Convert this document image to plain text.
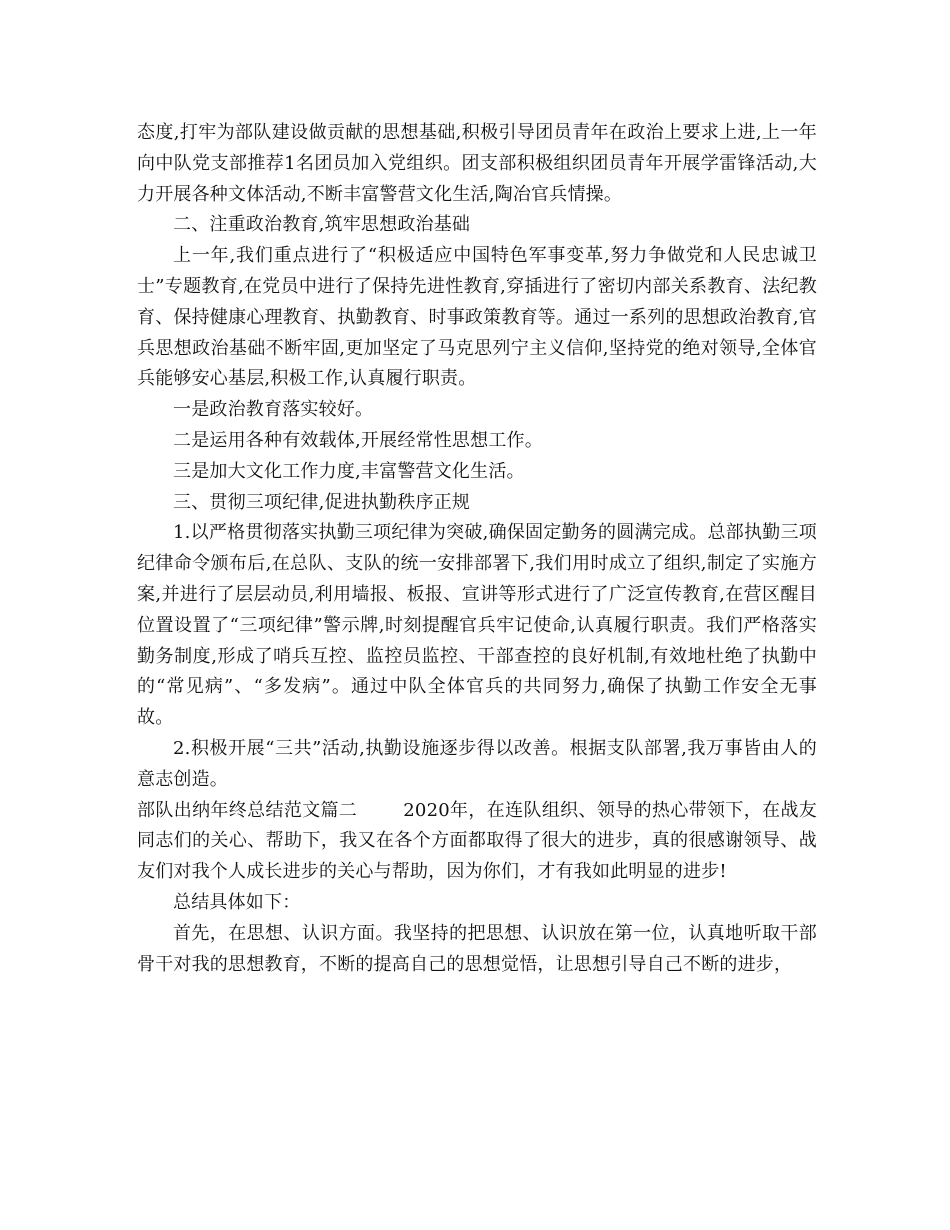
态度,打牢为部队建设做贡献的思想基础,积极引导团员青年在政治上要求上进,上一年向中队党支部推荐1名团员加入党组织。团支部积极组织团员青年开展学雷锋活动,大力开展各种文体活动,不断丰富警营文化生活,陶冶官兵情操。

二、注重政治教育,筑牢思想政治基础

上一年,我们重点进行了“积极适应中国特色军事变革,努力争做党和人民忠诚卫士”专题教育,在党员中进行了保持先进性教育,穿插进行了密切内部关系教育、法纪教育、保持健康心理教育、执勤教育、时事政策教育等。通过一系列的思想政治教育,官兵思想政治基础不断牢固,更加坚定了马克思列宁主义信仰,坚持党的绝对领导,全体官兵能够安心基层,积极工作,认真履行职责。

一是政治教育落实较好。

二是运用各种有效载体,开展经常性思想工作。

三是加大文化工作力度,丰富警营文化生活。

三、贯彻三项纪律,促进执勤秩序正规

1.以严格贯彻落实执勤三项纪律为突破,确保固定勤务的圆满完成。总部执勤三项纪律命令颁布后,在总队、支队的统一安排部署下,我们用时成立了组织,制定了实施方案,并进行了层层动员,利用墙报、板报、宣讲等形式进行了广泛宣传教育,在营区醒目位置设置了“三项纪律”警示牌,时刻提醒官兵牢记使命,认真履行职责。我们严格落实勤务制度,形成了哨兵互控、监控员监控、干部查控的良好机制,有效地杜绝了执勤中的“常见病”、“多发病”。通过中队全体官兵的共同努力,确保了执勤工作安全无事故。

2.积极开展“三共”活动,执勤设施逐步得以改善。根据支队部署,我万事皆由人的意志创造。

部队出纳年终总结范文篇二	2020年，在连队组织、领导的热心带领下，在战友同志们的关心、帮助下，我又在各个方面都取得了很大的进步，真的很感谢领导、战友们对我个人成长进步的关心与帮助，因为你们，才有我如此明显的进步!

总结具体如下：

首先，在思想、认识方面。我坚持的把思想、认识放在第一位，认真地听取干部骨干对我的思想教育，不断的提高自己的思想觉悟，让思想引导自己不断的进步，
